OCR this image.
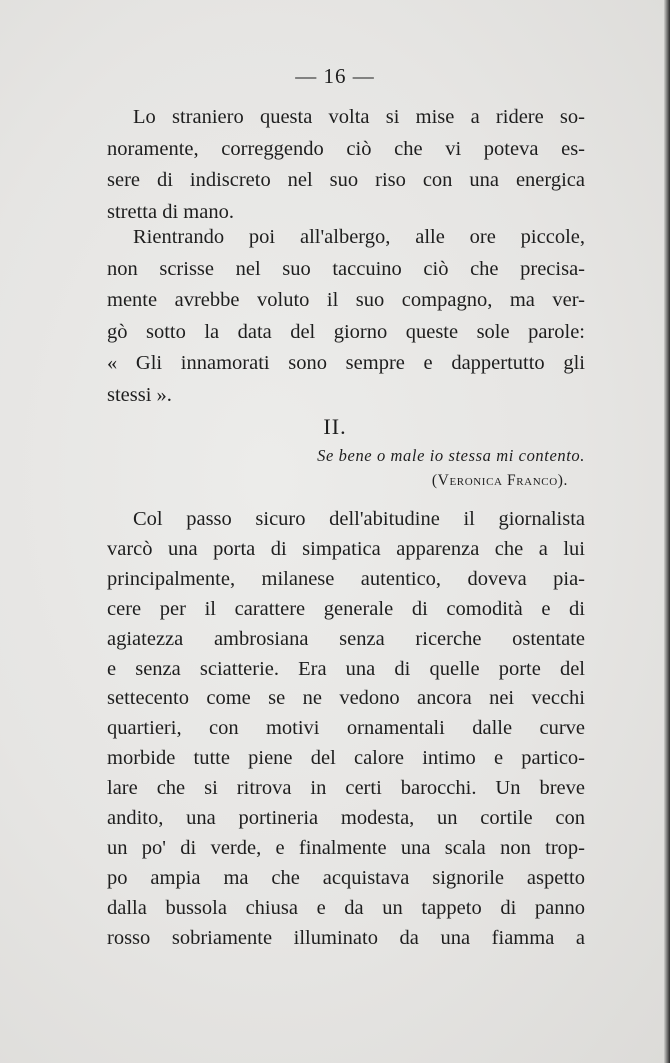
— 16 —

Lo straniero questa volta si mise a ridere so-
noramente, correggendo ciò che vi poteva es-
sere di indiscreto nel suo riso con una energica
stretta di mano.

Rientrando poi all'albergo, alle ore piccole,
non scrisse nel suo taccuino ciò che precisa-
mente avrebbe voluto il suo compagno, ma ver-
gò sotto la data del giorno queste sole parole:
« Gli innamorati sono sempre e dappertutto gli
stessi ».

II.
Se bene o male io stessa mi contento.
(Veronica Franco).

Col passo sicuro dell'abitudine il giornalista
varcò una porta di simpatica apparenza che a lui
principalmente, milanese autentico, doveva pia-
cere per il carattere generale di comodità e di
agiatezza ambrosiana senza ricerche ostentate
e senza sciatterie. Era una di quelle porte del
settecento come se ne vedono ancora nei vecchi
quartieri, con motivi ornamentali dalle curve
morbide tutte piene del calore intimo e partico-
lare che si ritrova in certi barocchi. Un breve
andito, una portineria modesta, un cortile con
un po' di verde, e finalmente una scala non trop-
po ampia ma che acquistava signorile aspetto
dalla bussola chiusa e da un tappeto di panno
rosso sobriamente illuminato da una fiamma a
